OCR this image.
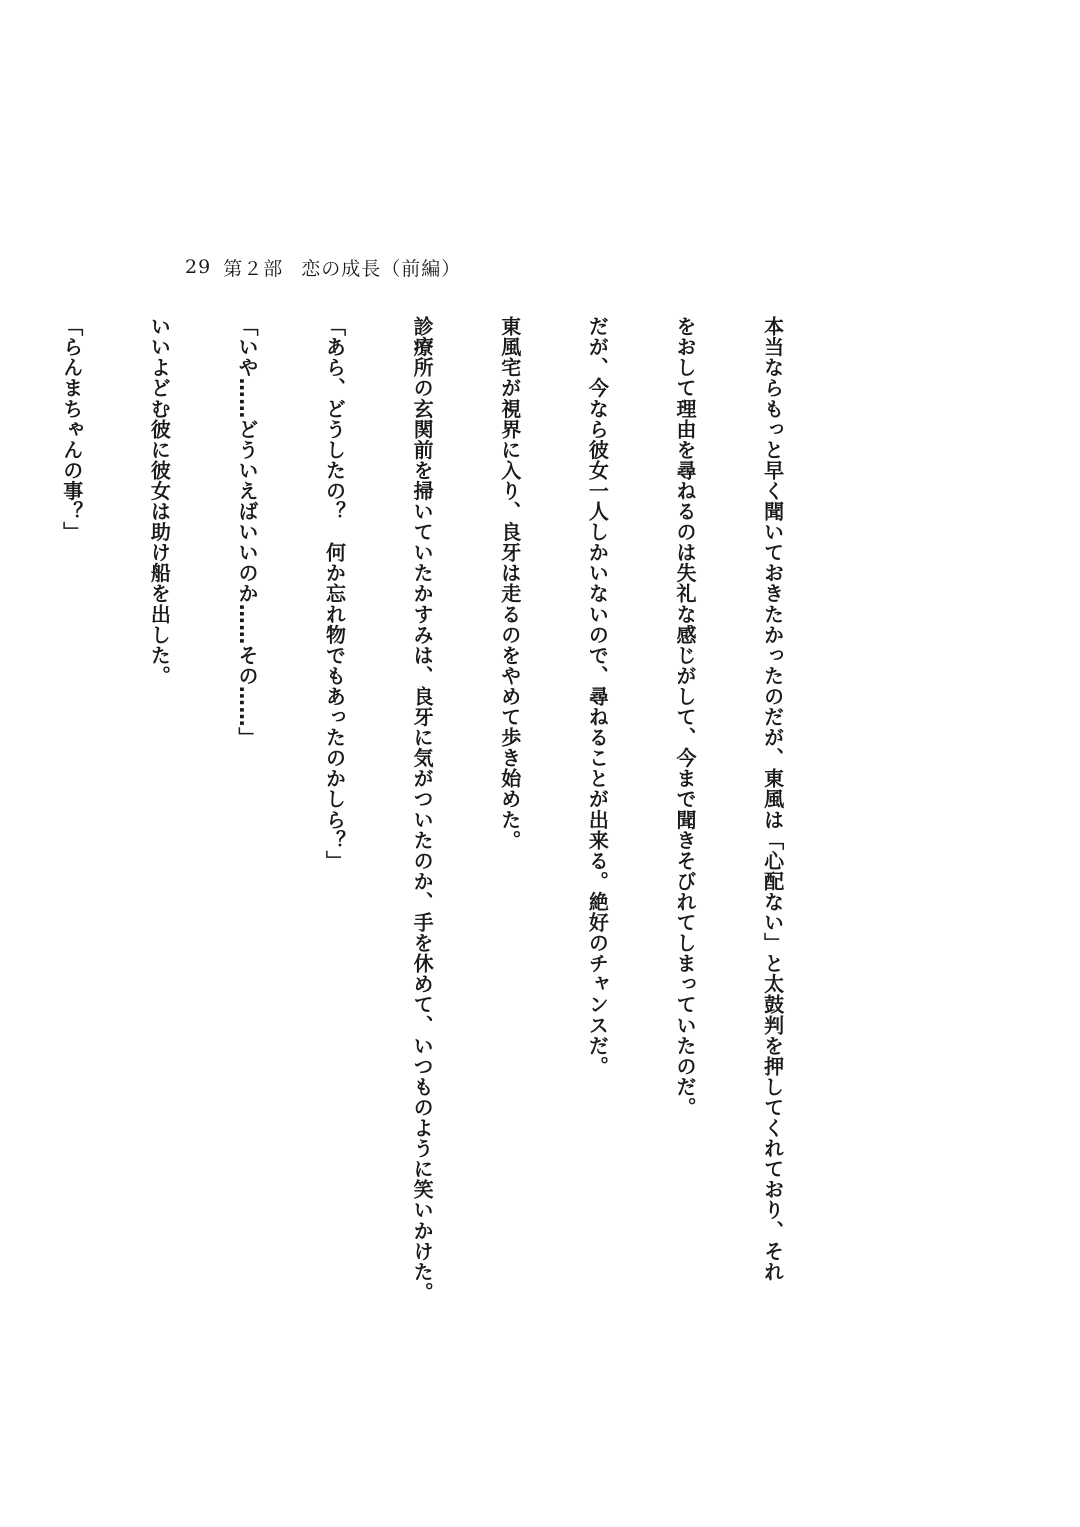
29 第２部 恋の成長（前編）

本当ならもっと早く聞いておきたかったのだが、東風は「心配ない」と太鼓判を押してくれており、それ

をおして理由を尋ねるのは失礼な感じがして、今まで聞きそびれてしまっていたのだ。

だが、今なら彼女一人しかいないので、尋ねることが出来る。絶好のチャンスだ。

東風宅が視界に入り、良牙は走るのをやめて歩き始めた。

診療所の玄関前を掃いていたかすみは、良牙に気がついたのか、手を休めて、いつものように笑いかけた。

「あら、どうしたの？　何か忘れ物でもあったのかしら？」

「いや……どういえばいいのか……その……」

いいよどむ彼に彼女は助け船を出した。

「らんまちゃんの事？」
